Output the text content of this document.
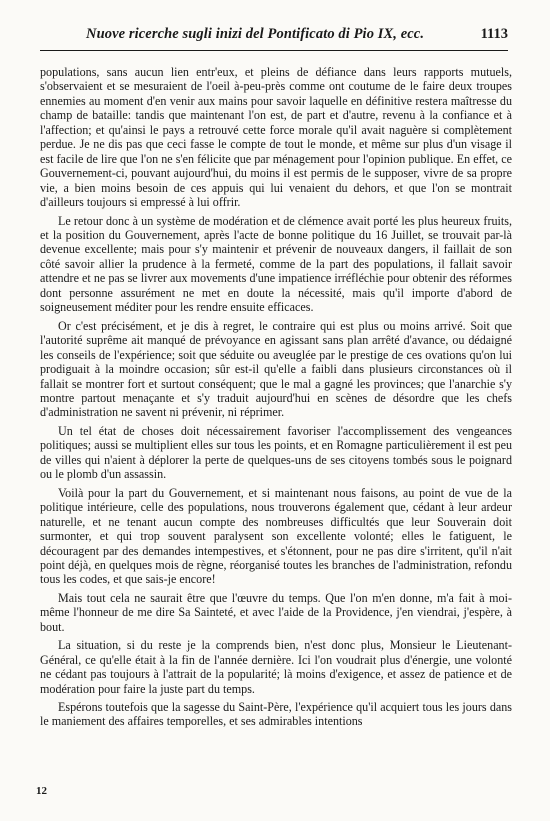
Nuove ricerche sugli inizi del Pontificato di Pio IX, ecc.	1113

populations, sans aucun lien entr'eux, et pleins de défiance dans leurs rapports mutuels, s'observaient et se mesuraient de l'oeil à-peu-près comme ont coutume de le faire deux troupes ennemies au moment d'en venir aux mains pour savoir laquelle en définitive restera maîtresse du champ de bataille: tandis que maintenant l'on est, de part et d'autre, revenu à la confiance et à l'affection; et qu'ainsi le pays a retrouvé cette force morale qu'il avait naguère si complètement perdue. Je ne dis pas que ceci fasse le compte de tout le monde, et même sur plus d'un visage il est facile de lire que l'on ne s'en félicite que par ménagement pour l'opinion publique. En effet, ce Gouvernement-ci, pouvant aujourd'hui, du moins il est permis de le supposer, vivre de sa propre vie, a bien moins besoin de ces appuis qui lui venaient du dehors, et que l'on se montrait d'ailleurs toujours si empressé à lui offrir.

Le retour donc à un système de modération et de clémence avait porté les plus heureux fruits, et la position du Gouvernement, après l'acte de bonne politique du 16 Juillet, se trouvait par-là devenue excellente; mais pour s'y maintenir et prévenir de nouveaux dangers, il faillait de son côté savoir allier la prudence à la fermeté, comme de la part des populations, il fallait savoir attendre et ne pas se livrer aux movements d'une impatience irréfléchie pour obtenir des réformes dont personne assurément ne met en doute la nécessité, mais qu'il importe d'abord de soigneusement méditer pour les rendre ensuite efficaces.

Or c'est précisément, et je dis à regret, le contraire qui est plus ou moins arrivé. Soit que l'autorité suprême ait manqué de prévoyance en agissant sans plan arrêté d'avance, ou dédaigné les conseils de l'expérience; soit que séduite ou aveuglée par le prestige de ces ovations qu'on lui prodiguait à la moindre occasion; sûr est-il qu'elle a faibli dans plusieurs circonstances où il fallait se montrer fort et surtout conséquent; que le mal a gagné les provinces; que l'anarchie s'y montre partout menaçante et s'y traduit aujourd'hui en scènes de désordre que les chefs d'administration ne savent ni prévenir, ni réprimer.

Un tel état de choses doit nécessairement favoriser l'accomplissement des vengeances politiques; aussi se multiplient elles sur tous les points, et en Romagne particulièrement il est peu de villes qui n'aient à déplorer la perte de quelques-uns de ses citoyens tombés sous le poignard ou le plomb d'un assassin.

Voilà pour la part du Gouvernement, et si maintenant nous faisons, au point de vue de la politique intérieure, celle des populations, nous trouverons également que, cédant à leur ardeur naturelle, et ne tenant aucun compte des nombreuses difficultés que leur Souverain doit surmonter, et qui trop souvent paralysent son excellente volonté; elles le fatiguent, le découragent par des demandes intempestives, et s'étonnent, pour ne pas dire s'irritent, qu'il n'ait point déjà, en quelques mois de règne, réorganisé toutes les branches de l'administration, refondu tous les codes, et que sais-je encore!

Mais tout cela ne saurait être que l'œuvre du temps. Que l'on m'en donne, m'a fait à moi-même l'honneur de me dire Sa Sainteté, et avec l'aide de la Providence, j'en viendrai, j'espère, à bout.

La situation, si du reste je la comprends bien, n'est donc plus, Monsieur le Lieutenant-Général, ce qu'elle était à la fin de l'année dernière. Ici l'on voudrait plus d'énergie, une volonté ne cédant pas toujours à l'attrait de la popularité; là moins d'exigence, et assez de patience et de modération pour faire la juste part du temps.

Espérons toutefois que la sagesse du Saint-Père, l'expérience qu'il acquiert tous les jours dans le maniement des affaires temporelles, et ses admirables intentions

12
